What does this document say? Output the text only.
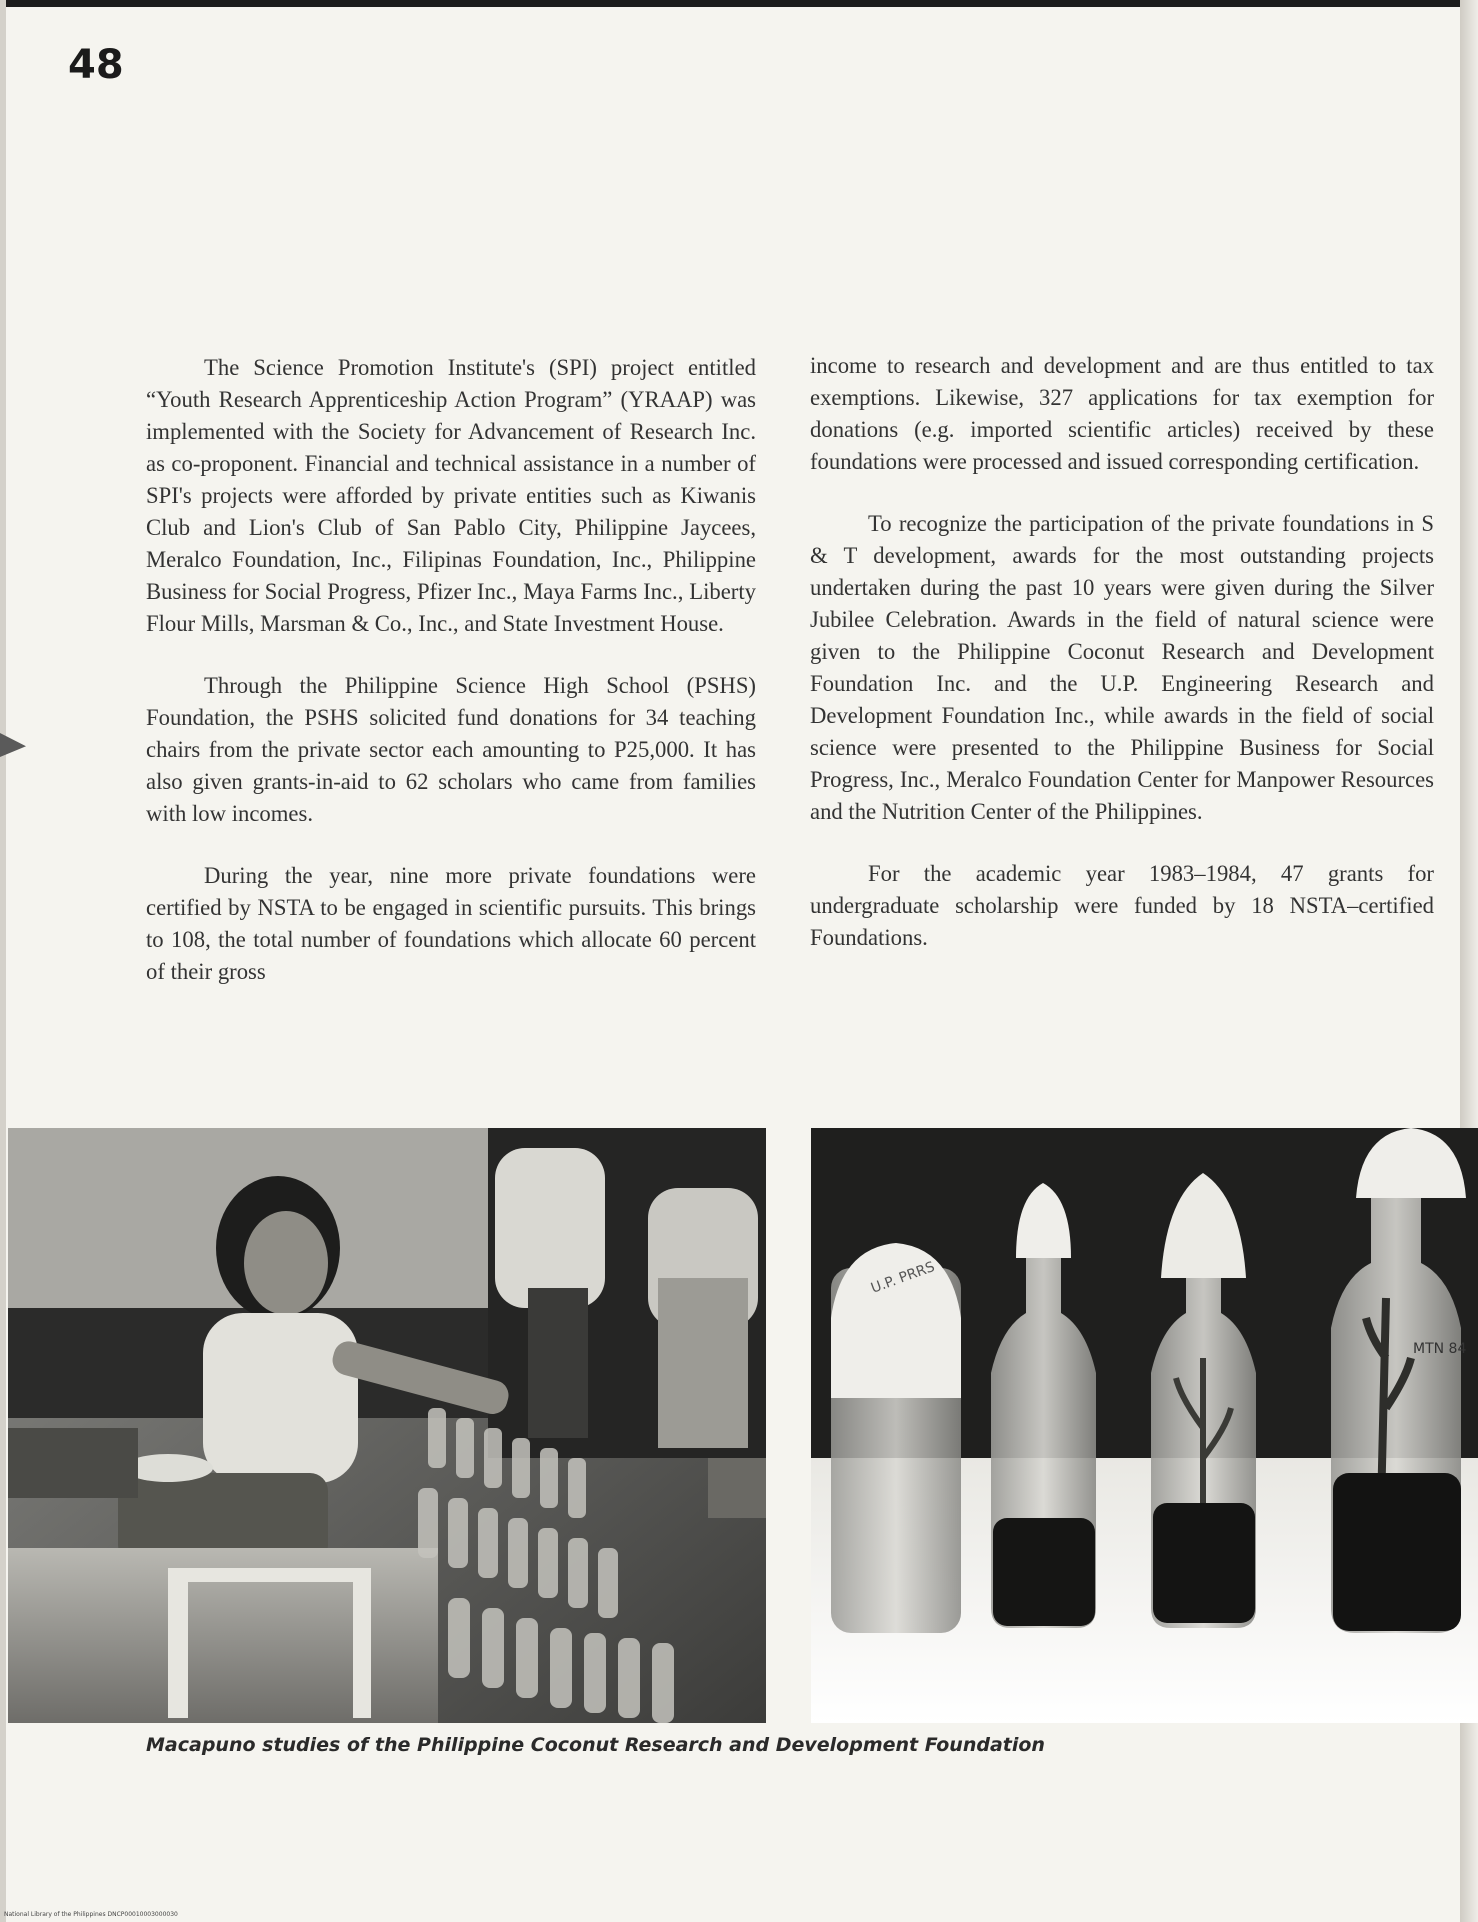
48

The Science Promotion Institute's (SPI) project entitled “Youth Research Apprenticeship Action Program” (YRAAP) was implemented with the Society for Advancement of Research Inc. as co-proponent. Financial and technical assistance in a number of SPI's projects were afforded by private entities such as Kiwanis Club and Lion's Club of San Pablo City, Philippine Jaycees, Meralco Foundation, Inc., Filipinas Foundation, Inc., Philippine Business for Social Progress, Pfizer Inc., Maya Farms Inc., Liberty Flour Mills, Marsman & Co., Inc., and State Investment House.

Through the Philippine Science High School (PSHS) Foundation, the PSHS solicited fund donations for 34 teaching chairs from the private sector each amounting to P25,000. It has also given grants-in-aid to 62 scholars who came from families with low incomes.

During the year, nine more private foundations were certified by NSTA to be engaged in scientific pursuits. This brings to 108, the total number of foundations which allocate 60 percent of their gross

income to research and development and are thus entitled to tax exemptions. Likewise, 327 applications for tax exemption for donations (e.g. imported scientific articles) received by these foundations were processed and issued corresponding certification.

To recognize the participation of the private foundations in S & T development, awards for the most outstanding projects undertaken during the past 10 years were given during the Silver Jubilee Celebration. Awards in the field of natural science were given to the Philippine Coconut Research and Development Foundation Inc. and the U.P. Engineering Research and Development Foundation Inc., while awards in the field of social science were presented to the Philippine Business for Social Progress, Inc., Meralco Foundation Center for Manpower Resources and the Nutrition Center of the Philippines.

For the academic year 1983–1984, 47 grants for undergraduate scholarship were funded by 18 NSTA–certified Foundations.

U.P. PRRS
MTN 84
Macapuno studies of the Philippine Coconut Research and Development Foundation
National Library of the Philippines DNCP00010003000030
